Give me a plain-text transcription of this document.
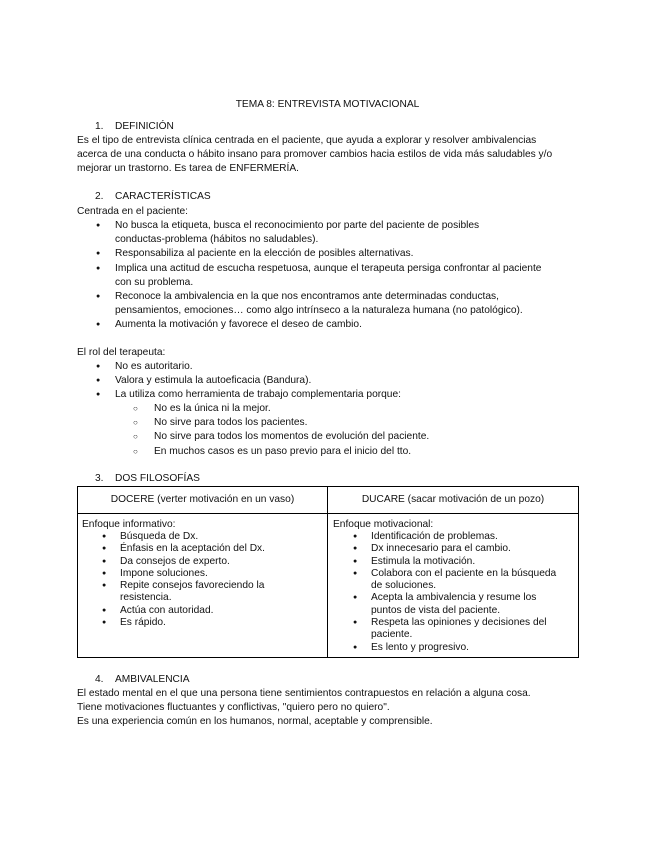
TEMA 8: ENTREVISTA MOTIVACIONAL
1. DEFINICIÓN

Es el tipo de entrevista clínica centrada en el paciente, que ayuda a explorar y resolver ambivalencias

acerca de una conducta o hábito insano para promover cambios hacia estilos de vida más saludables y/o

mejorar un trastorno. Es tarea de ENFERMERÍA.

2. CARACTERÍSTICAS
Centrada en el paciente:
● No busca la etiqueta, busca el reconocimiento por parte del paciente de posibles
conductas-problema (hábitos no saludables).
● Responsabiliza al paciente en la elección de posibles alternativas.
● Implica una actitud de escucha respetuosa, aunque el terapeuta persiga confrontar al paciente
con su problema.
● Reconoce la ambivalencia en la que nos encontramos ante determinadas conductas,
pensamientos, emociones… como algo intrínseco a la naturaleza humana (no patológico).
● Aumenta la motivación y favorece el deseo de cambio.
El rol del terapeuta:
● No es autoritario.
● Valora y estimula la autoeficacia (Bandura).
● La utiliza como herramienta de trabajo complementaria porque:
○ No es la única ni la mejor.
○ No sirve para todos los pacientes.
○ No sirve para todos los momentos de evolución del paciente.
○ En muchos casos es un paso previo para el inicio del tto.
3. DOS FILOSOFÍAS
DOCERE (verter motivación en un vaso)	DUCARE (sacar motivación de un pozo)
Enfoque informativo:
● Búsqueda de Dx.
● Énfasis en la aceptación del Dx.
● Da consejos de experto.
● Impone soluciones.
● Repite consejos favoreciendo la
resistencia.
● Actúa con autoridad.
● Es rápido.
Enfoque motivacional:
● Identificación de problemas.
● Dx innecesario para el cambio.
● Estimula la motivación.
● Colabora con el paciente en la búsqueda
de soluciones.
● Acepta la ambivalencia y resume los
puntos de vista del paciente.
● Respeta las opiniones y decisiones del
paciente.
● Es lento y progresivo.
4. AMBIVALENCIA

El estado mental en el que una persona tiene sentimientos contrapuestos en relación a alguna cosa.

Tiene motivaciones fluctuantes y conflictivas, "quiero pero no quiero".

Es una experiencia común en los humanos, normal, aceptable y comprensible.
